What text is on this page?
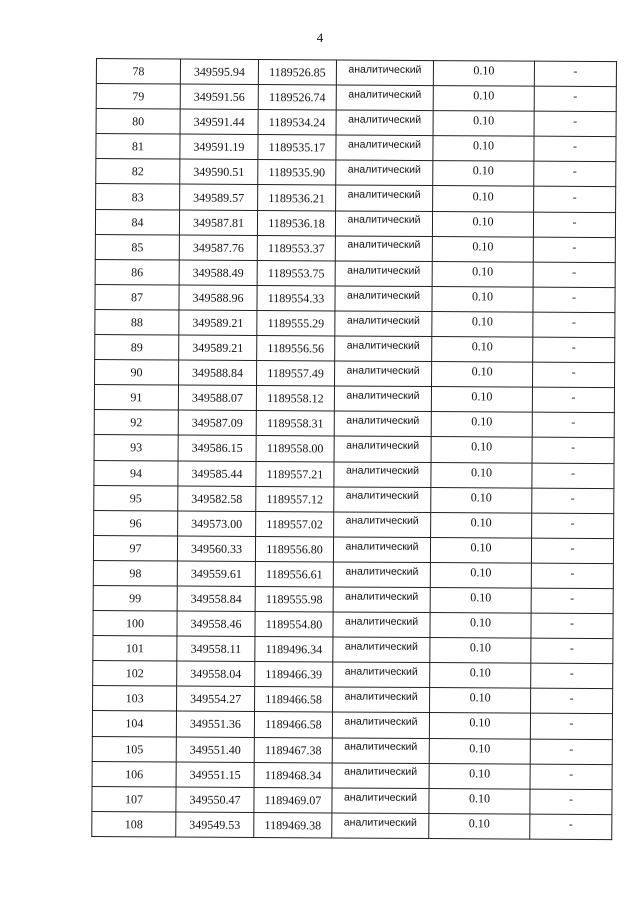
4
78	349595.94	1189526.85	аналитический	0.10	-
79	349591.56	1189526.74	аналитический	0.10	-
80	349591.44	1189534.24	аналитический	0.10	-
81	349591.19	1189535.17	аналитический	0.10	-
82	349590.51	1189535.90	аналитический	0.10	-
83	349589.57	1189536.21	аналитический	0.10	-
84	349587.81	1189536.18	аналитический	0.10	-
85	349587.76	1189553.37	аналитический	0.10	-
86	349588.49	1189553.75	аналитический	0.10	-
87	349588.96	1189554.33	аналитический	0.10	-
88	349589.21	1189555.29	аналитический	0.10	-
89	349589.21	1189556.56	аналитический	0.10	-
90	349588.84	1189557.49	аналитический	0.10	-
91	349588.07	1189558.12	аналитический	0.10	-
92	349587.09	1189558.31	аналитический	0.10	-
93	349586.15	1189558.00	аналитический	0.10	-
94	349585.44	1189557.21	аналитический	0.10	-
95	349582.58	1189557.12	аналитический	0.10	-
96	349573.00	1189557.02	аналитический	0.10	-
97	349560.33	1189556.80	аналитический	0.10	-
98	349559.61	1189556.61	аналитический	0.10	-
99	349558.84	1189555.98	аналитический	0.10	-
100	349558.46	1189554.80	аналитический	0.10	-
101	349558.11	1189496.34	аналитический	0.10	-
102	349558.04	1189466.39	аналитический	0.10	-
103	349554.27	1189466.58	аналитический	0.10	-
104	349551.36	1189466.58	аналитический	0.10	-
105	349551.40	1189467.38	аналитический	0.10	-
106	349551.15	1189468.34	аналитический	0.10	-
107	349550.47	1189469.07	аналитический	0.10	-
108	349549.53	1189469.38	аналитический	0.10	-
